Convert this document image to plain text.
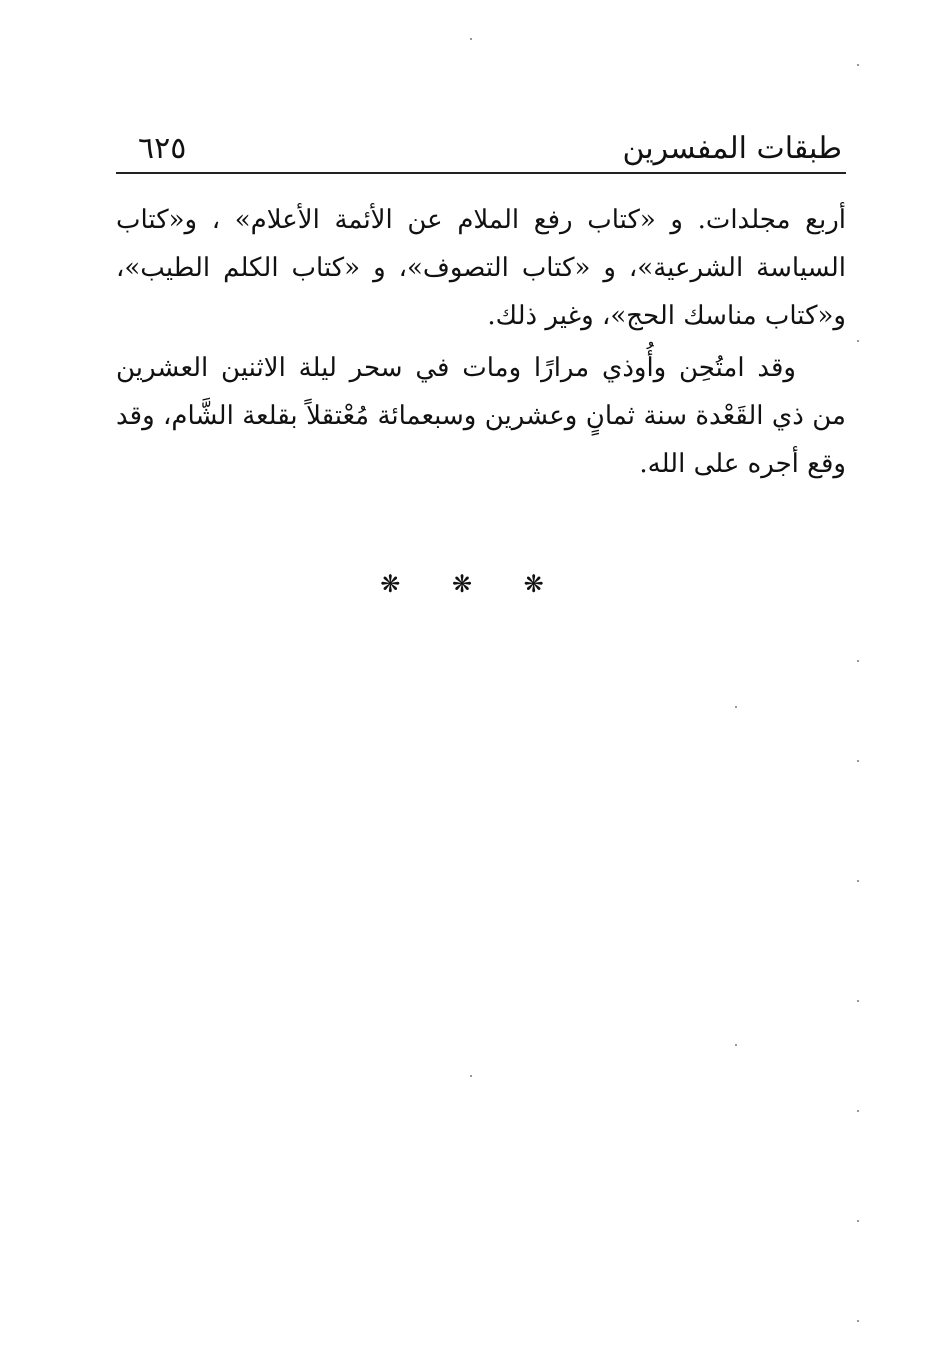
طبقات المفسرين
٦٢٥

أربع مجلدات. و «كتاب رفع الملام عن الأئمة الأعلام» ، و«كتاب السياسة الشرعية»، و «كتاب التصوف»، و «كتاب الكلم الطيب»، و«كتاب مناسك الحج»، وغير ذلك.

وقد امتُحِن وأُوذي مرارًا ومات في سحر ليلة الاثنين العشرين من ذي القَعْدة سنة ثمانٍ وعشرين وسبعمائة مُعْتقلاً بقلعة الشَّام، وقد وقع أجره على الله.

❋ ❋ ❋
